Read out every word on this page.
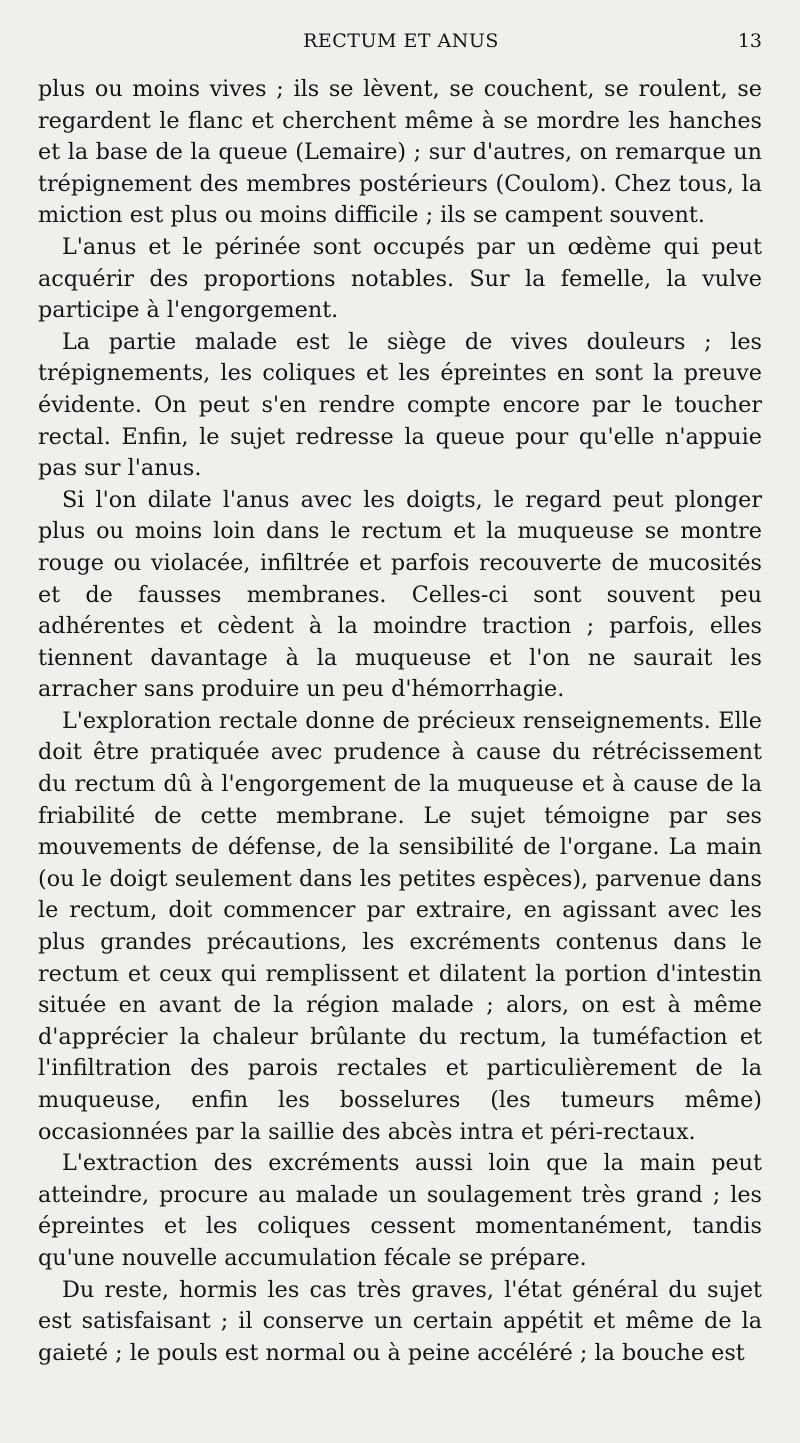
RECTUM ET ANUS	13

plus ou moins vives ; ils se lèvent, se couchent, se roulent, se regardent le flanc et cherchent même à se mordre les hanches et la base de la queue (Lemaire) ; sur d'autres, on remarque un trépignement des membres postérieurs (Coulom). Chez tous, la miction est plus ou moins difficile ; ils se campent souvent.

L'anus et le périnée sont occupés par un œdème qui peut acquérir des proportions notables. Sur la femelle, la vulve participe à l'engorgement.

La partie malade est le siège de vives douleurs ; les trépignements, les coliques et les épreintes en sont la preuve évidente. On peut s'en rendre compte encore par le toucher rectal. Enfin, le sujet redresse la queue pour qu'elle n'appuie pas sur l'anus.

Si l'on dilate l'anus avec les doigts, le regard peut plonger plus ou moins loin dans le rectum et la muqueuse se montre rouge ou violacée, infiltrée et parfois recouverte de mucosités et de fausses membranes. Celles-ci sont souvent peu adhérentes et cèdent à la moindre traction ; parfois, elles tiennent davantage à la muqueuse et l'on ne saurait les arracher sans produire un peu d'hémorrhagie.

L'exploration rectale donne de précieux renseignements. Elle doit être pratiquée avec prudence à cause du rétrécissement du rectum dû à l'engorgement de la muqueuse et à cause de la friabilité de cette membrane. Le sujet témoigne par ses mouvements de défense, de la sensibilité de l'organe. La main (ou le doigt seulement dans les petites espèces), parvenue dans le rectum, doit commencer par extraire, en agissant avec les plus grandes précautions, les excréments contenus dans le rectum et ceux qui remplissent et dilatent la portion d'intestin située en avant de la région malade ; alors, on est à même d'apprécier la chaleur brûlante du rectum, la tuméfaction et l'infiltration des parois rectales et particulièrement de la muqueuse, enfin les bosselures (les tumeurs même) occasionnées par la saillie des abcès intra et péri-rectaux.

L'extraction des excréments aussi loin que la main peut atteindre, procure au malade un soulagement très grand ; les épreintes et les coliques cessent momentanément, tandis qu'une nouvelle accumulation fécale se prépare.

Du reste, hormis les cas très graves, l'état général du sujet est satisfaisant ; il conserve un certain appétit et même de la gaieté ; le pouls est normal ou à peine accéléré ; la bouche est
